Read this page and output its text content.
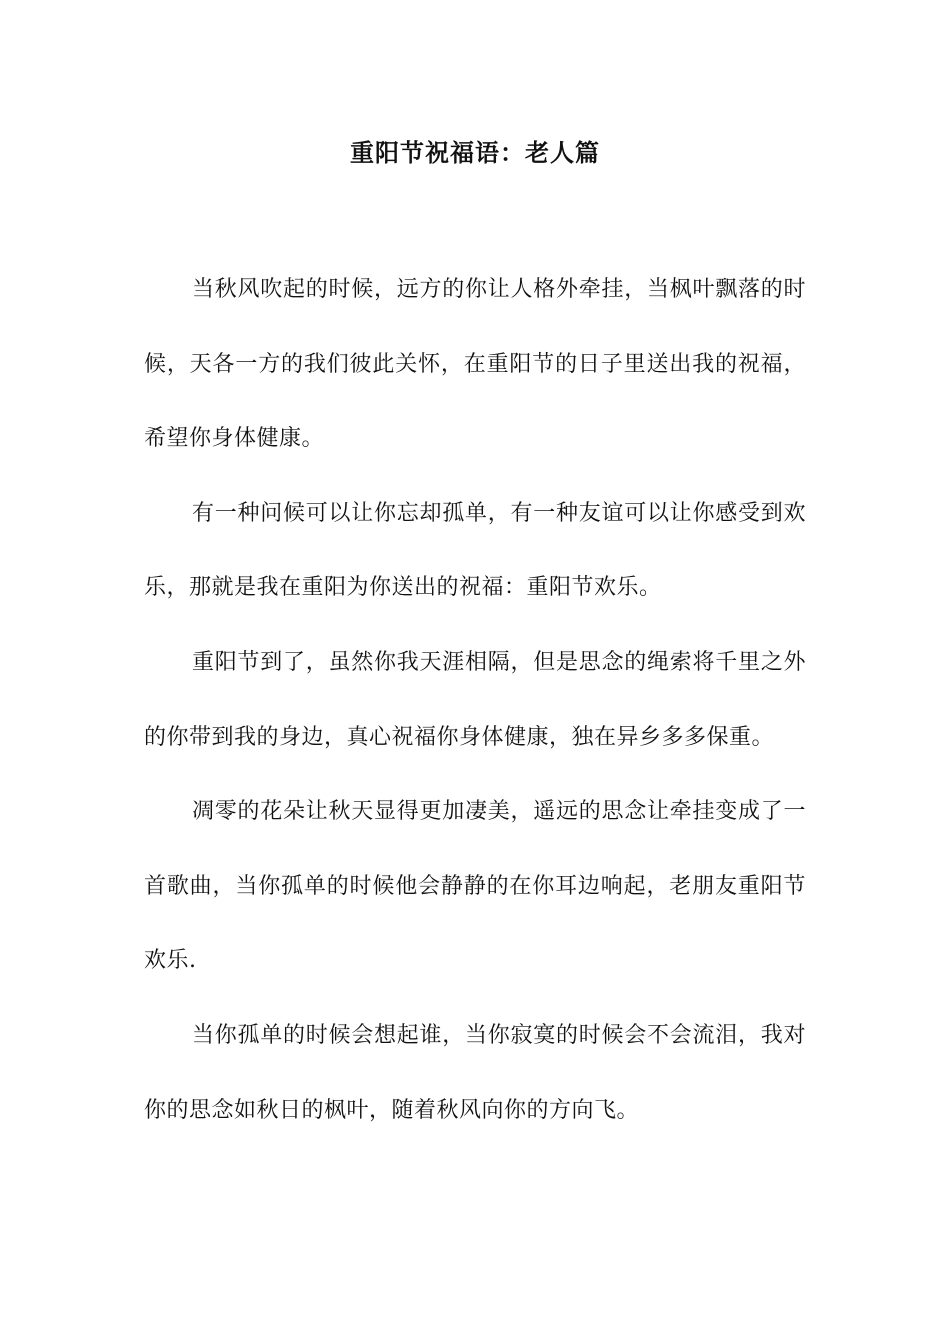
重阳节祝福语：老人篇

当秋风吹起的时候，远方的你让人格外牵挂，当枫叶飘落的时候，天各一方的我们彼此关怀，在重阳节的日子里送出我的祝福，希望你身体健康。

有一种问候可以让你忘却孤单，有一种友谊可以让你感受到欢乐，那就是我在重阳为你送出的祝福：重阳节欢乐。

重阳节到了，虽然你我天涯相隔，但是思念的绳索将千里之外的你带到我的身边，真心祝福你身体健康，独在异乡多多保重。

凋零的花朵让秋天显得更加凄美，遥远的思念让牵挂变成了一首歌曲，当你孤单的时候他会静静的在你耳边响起，老朋友重阳节欢乐.

当你孤单的时候会想起谁，当你寂寞的时候会不会流泪，我对你的思念如秋日的枫叶，随着秋风向你的方向飞。
